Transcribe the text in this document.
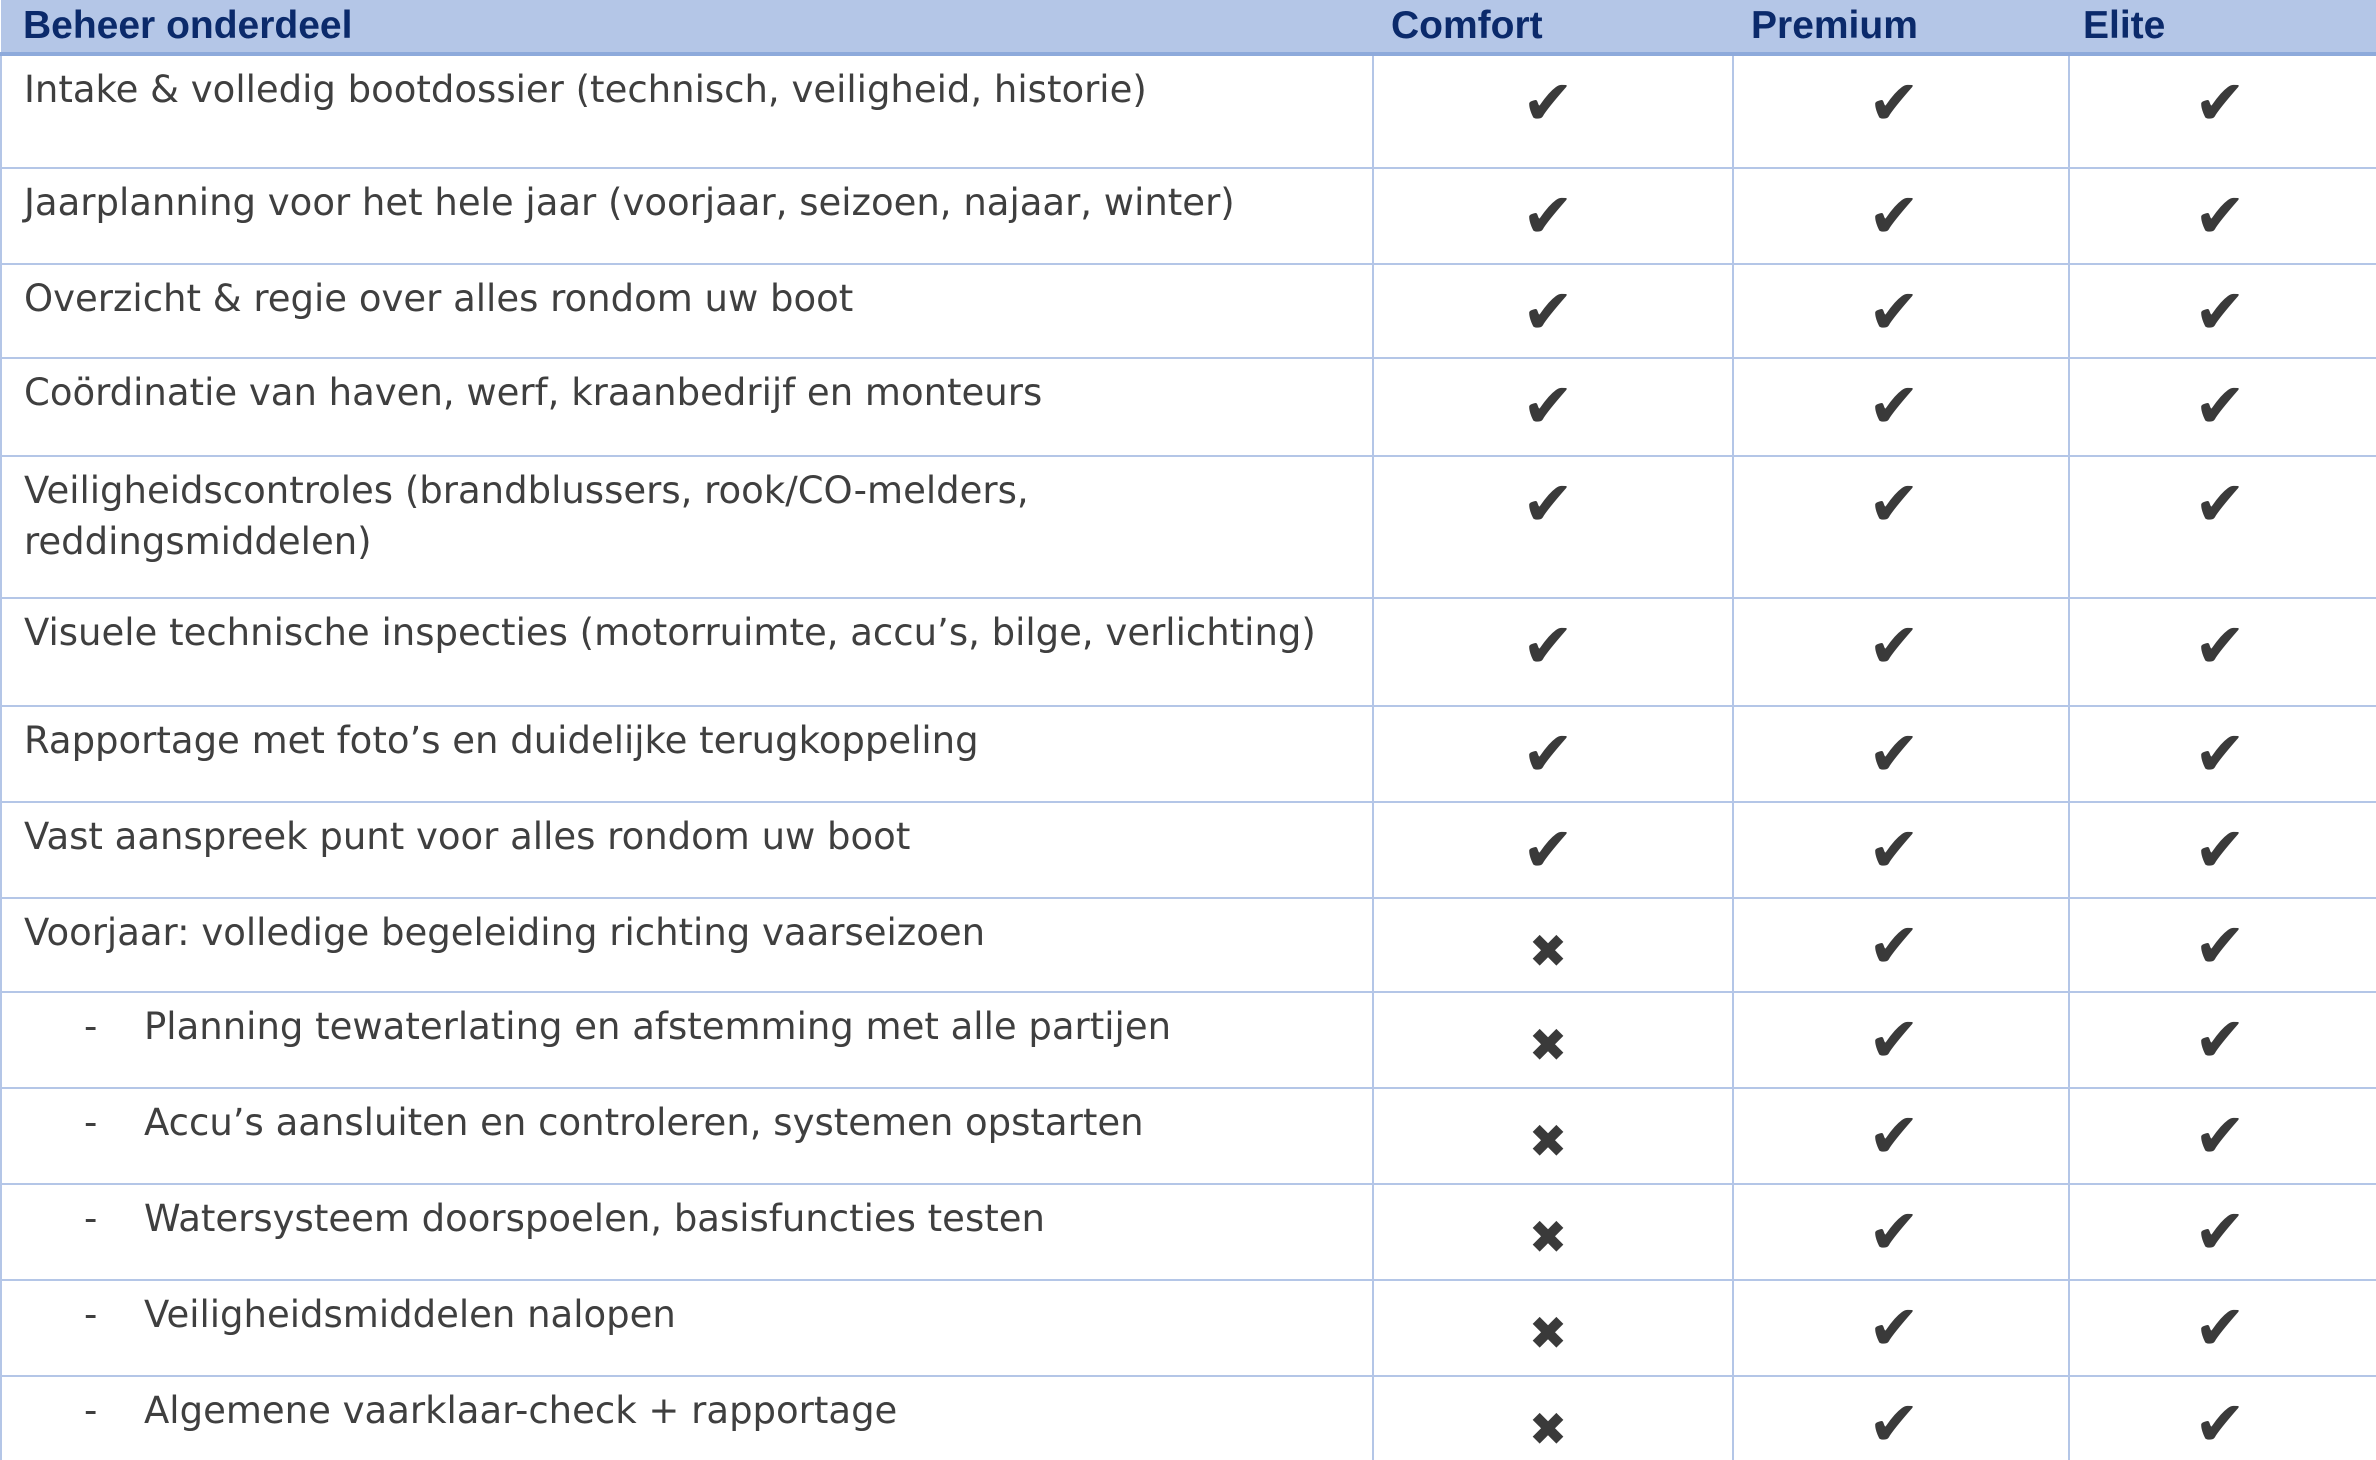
Beheer onderdeel	Comfort	Premium	Elite
Intake & volledig bootdossier (technisch, veiligheid, historie)	✔	✔	✔
Jaarplanning voor het hele jaar (voorjaar, seizoen, najaar, winter)	✔	✔	✔
Overzicht & regie over alles rondom uw boot	✔	✔	✔
Coördinatie van haven, werf, kraanbedrijf en monteurs	✔	✔	✔
Veiligheidscontroles (brandblussers, rook/CO-melders, reddingsmiddelen)	✔	✔	✔
Visuele technische inspecties (motorruimte, accu’s, bilge, verlichting)	✔	✔	✔
Rapportage met foto’s en duidelijke terugkoppeling	✔	✔	✔
Vast aanspreek punt voor alles rondom uw boot	✔	✔	✔
Voorjaar: volledige begeleiding richting vaarseizoen	✖	✔	✔
- Planning tewaterlating en afstemming met alle partijen	✖	✔	✔
- Accu’s aansluiten en controleren, systemen opstarten	✖	✔	✔
- Watersysteem doorspoelen, basisfuncties testen	✖	✔	✔
- Veiligheidsmiddelen nalopen	✖	✔	✔
- Algemene vaarklaar-check + rapportage	✖	✔	✔
